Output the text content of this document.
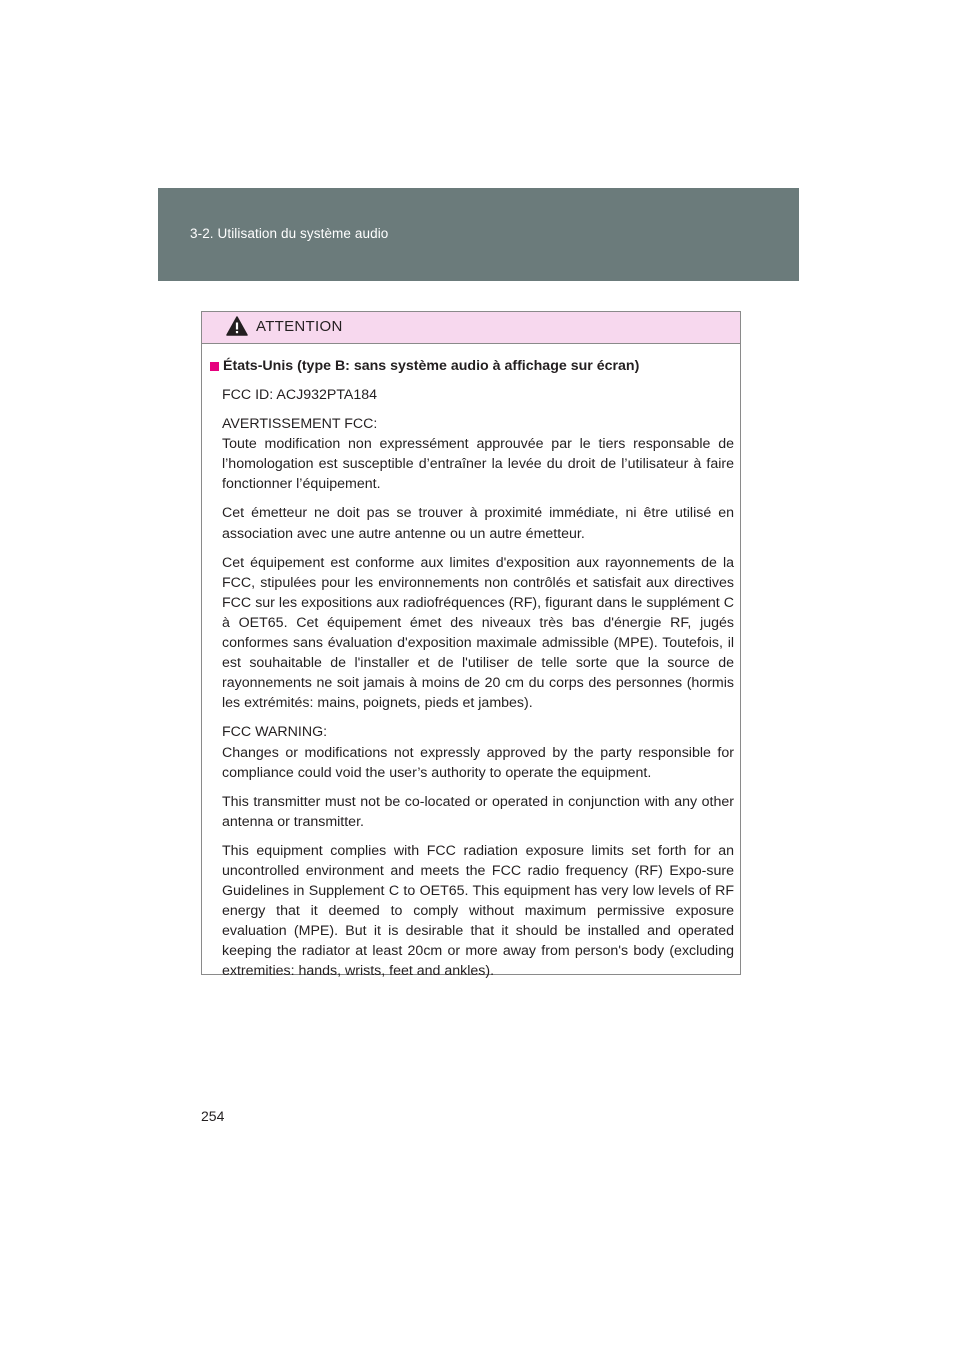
3-2. Utilisation du système audio
ATTENTION
États-Unis (type B: sans système audio à affichage sur écran)
FCC ID: ACJ932PTA184
AVERTISSEMENT FCC:
Toute modification non expressément approuvée par le tiers responsable de l’homologation est susceptible d’entraîner la levée du droit de l’utilisateur à faire fonctionner l’équipement.
Cet émetteur ne doit pas se trouver à proximité immédiate, ni être utilisé en association avec une autre antenne ou un autre émetteur.
Cet équipement est conforme aux limites d'exposition aux rayonnements de la FCC, stipulées pour les environnements non contrôlés et satisfait aux directives FCC sur les expositions aux radiofréquences (RF), figurant dans le supplément C à OET65. Cet équipement émet des niveaux très bas d'énergie RF, jugés conformes sans évaluation d'exposition maximale admissible (MPE). Toutefois, il est souhaitable de l'installer et de l'utiliser de telle sorte que la source de rayonnements ne soit jamais à moins de 20 cm du corps des personnes (hormis les extrémités: mains, poignets, pieds et jambes).
FCC WARNING:
Changes or modifications not expressly approved by the party responsible for compliance could void the user’s authority to operate the equipment.
This transmitter must not be co-located or operated in conjunction with any other antenna or transmitter.
This equipment complies with FCC radiation exposure limits set forth for an uncontrolled environment and meets the FCC radio frequency (RF) Expo-sure Guidelines in Supplement C to OET65. This equipment has very low levels of RF energy that it deemed to comply without maximum permissive exposure evaluation (MPE). But it is desirable that it should be installed and operated keeping the radiator at least 20cm or more away from person's body (excluding extremities: hands, wrists, feet and ankles).
254
